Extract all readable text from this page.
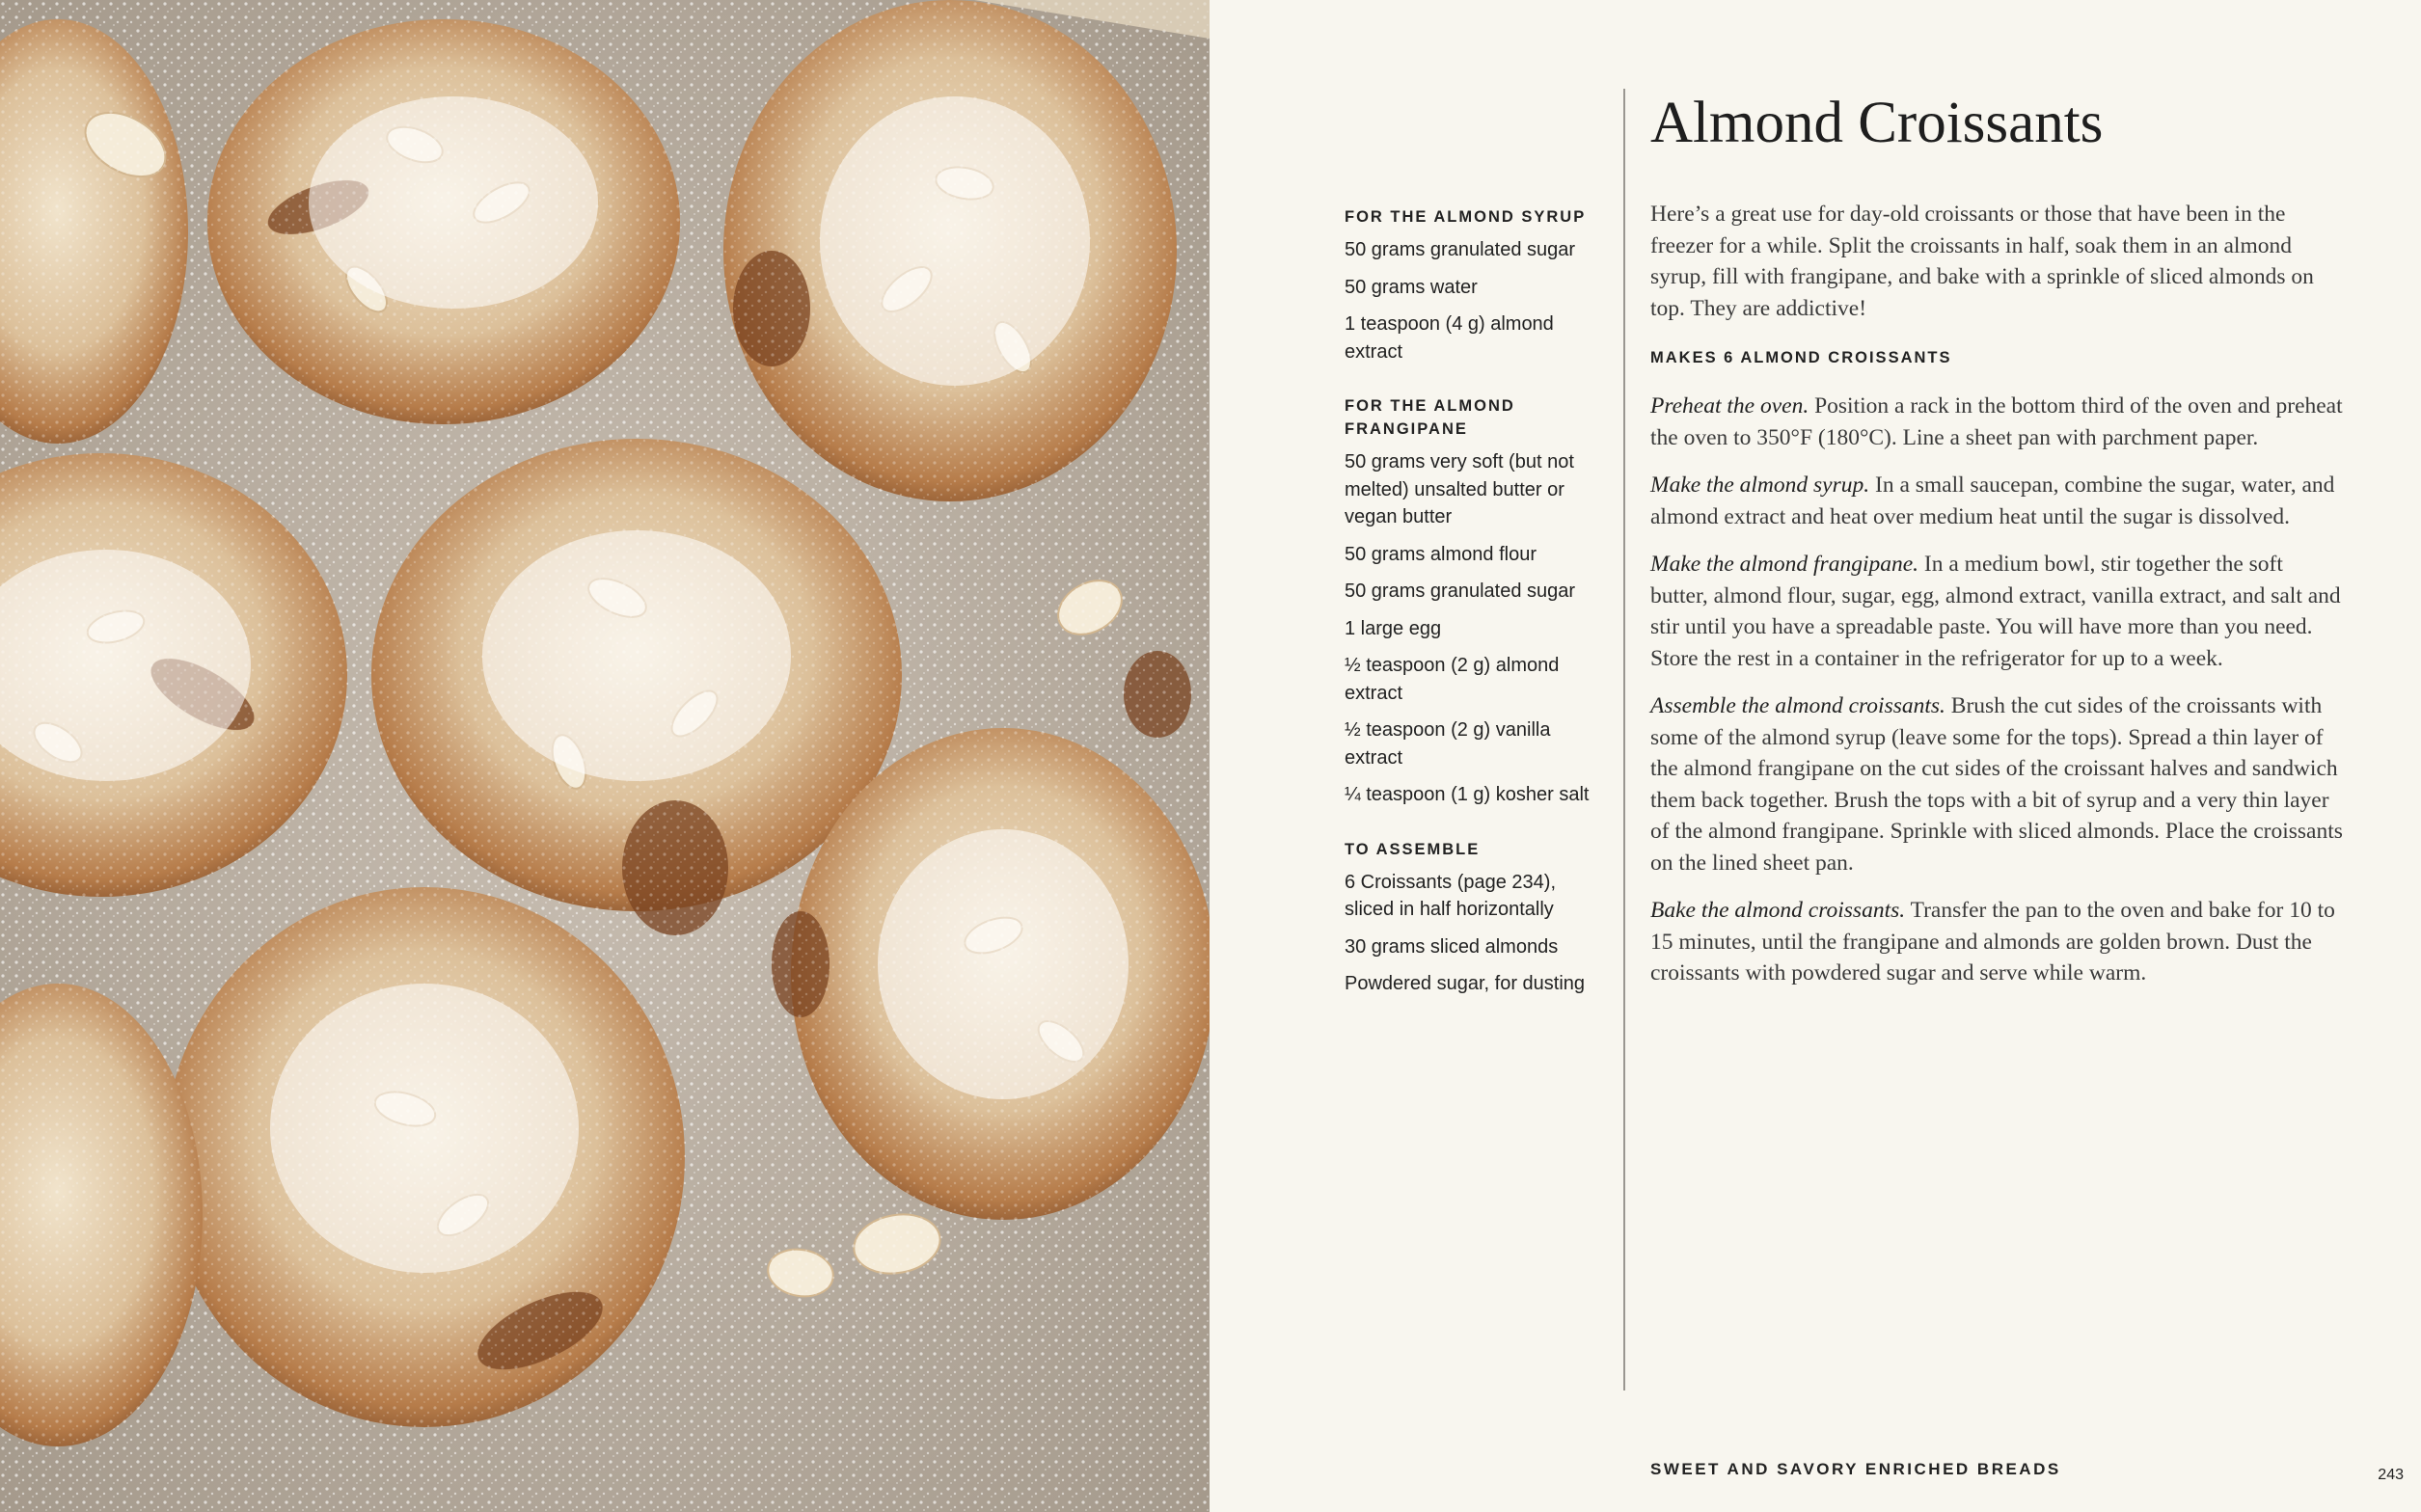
FOR THE ALMOND SYRUP
50 grams granulated sugar
50 grams water
1 teaspoon (4 g) almond extract
FOR THE ALMOND FRANGIPANE
50 grams very soft (but not melted) unsalted butter or vegan butter
50 grams almond flour
50 grams granulated sugar
1 large egg
½ teaspoon (2 g) almond extract
½ teaspoon (2 g) vanilla extract
¼ teaspoon (1 g) kosher salt
TO ASSEMBLE
6 Croissants (page 234), sliced in half horizontally
30 grams sliced almonds
Powdered sugar, for dusting
Almond Croissants

Here’s a great use for day-old croissants or those that have been in the freezer for a while. Split the croissants in half, soak them in an almond syrup, fill with frangipane, and bake with a sprinkle of sliced almonds on top. They are addictive!

MAKES 6 ALMOND CROISSANTS

Preheat the oven. Position a rack in the bottom third of the oven and preheat the oven to 350°F (180°C). Line a sheet pan with parchment paper.

Make the almond syrup. In a small saucepan, combine the sugar, water, and almond extract and heat over medium heat until the sugar is dissolved.

Make the almond frangipane. In a medium bowl, stir together the soft butter, almond flour, sugar, egg, almond extract, vanilla extract, and salt and stir until you have a spreadable paste. You will have more than you need. Store the rest in a container in the refrigerator for up to a week.

Assemble the almond croissants. Brush the cut sides of the croissants with some of the almond syrup (leave some for the tops). Spread a thin layer of the almond frangipane on the cut sides of the croissant halves and sandwich them back together. Brush the tops with a bit of syrup and a very thin layer of the almond frangipane. Sprinkle with sliced almonds. Place the croissants on the lined sheet pan.

Bake the almond croissants. Transfer the pan to the oven and bake for 10 to 15 minutes, until the frangipane and almonds are golden brown. Dust the croissants with powdered sugar and serve while warm.

SWEET AND SAVORY ENRICHED BREADS	243
